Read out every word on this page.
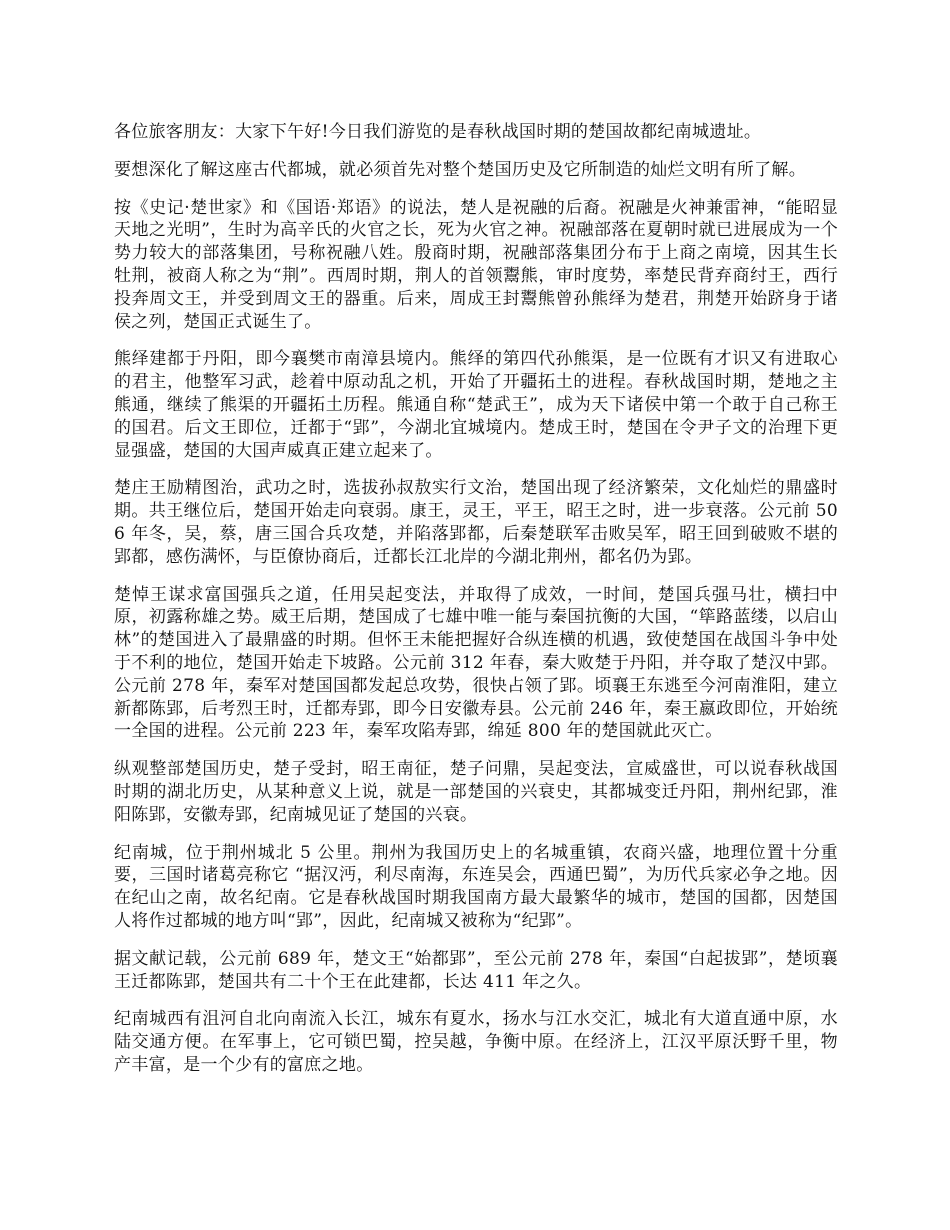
各位旅客朋友：大家下午好!今日我们游览的是春秋战国时期的楚国故都纪南城遗址。

要想深化了解这座古代都城，就必须首先对整个楚国历史及它所制造的灿烂文明有所了解。

按《史记·楚世家》和《国语·郑语》的说法，楚人是祝融的后裔。祝融是火神兼雷神，“能昭显天地之光明”，生时为高辛氏的火官之长，死为火官之神。祝融部落在夏朝时就已进展成为一个势力较大的部落集团，号称祝融八姓。殷商时期，祝融部落集团分布于上商之南境，因其生长牡荆，被商人称之为“荆”。西周时期，荆人的首领鬻熊，审时度势，率楚民背弃商纣王，西行投奔周文王，并受到周文王的器重。后来，周成王封鬻熊曾孙熊绎为楚君，荆楚开始跻身于诸侯之列，楚国正式诞生了。

熊绎建都于丹阳，即今襄樊市南漳县境内。熊绎的第四代孙熊渠，是一位既有才识又有进取心的君主，他整军习武，趁着中原动乱之机，开始了开疆拓土的进程。春秋战国时期，楚地之主熊通，继续了熊渠的开疆拓土历程。熊通自称“楚武王”，成为天下诸侯中第一个敢于自己称王的国君。后文王即位，迁都于“郢”，今湖北宜城境内。楚成王时，楚国在令尹子文的治理下更显强盛，楚国的大国声威真正建立起来了。

楚庄王励精图治，武功之时，选拔孙叔敖实行文治，楚国出现了经济繁荣，文化灿烂的鼎盛时期。共王继位后，楚国开始走向衰弱。康王，灵王，平王，昭王之时，进一步衰落。公元前 506 年冬，吴，蔡，唐三国合兵攻楚，并陷落郢都，后秦楚联军击败吴军，昭王回到破败不堪的郢都，感伤满怀，与臣僚协商后，迁都长江北岸的今湖北荆州，都名仍为郢。

楚悼王谋求富国强兵之道，任用吴起变法，并取得了成效，一时间，楚国兵强马壮，横扫中原，初露称雄之势。威王后期，楚国成了七雄中唯一能与秦国抗衡的大国，“筚路蓝缕，以启山林”的楚国进入了最鼎盛的时期。但怀王未能把握好合纵连横的机遇，致使楚国在战国斗争中处于不利的地位，楚国开始走下坡路。公元前 312 年春，秦大败楚于丹阳，并夺取了楚汉中郢。公元前 278 年，秦军对楚国国都发起总攻势，很快占领了郢。顷襄王东逃至今河南淮阳，建立新都陈郢，后考烈王时，迁都寿郢，即今日安徽寿县。公元前 246 年，秦王嬴政即位，开始统一全国的进程。公元前 223 年，秦军攻陷寿郢，绵延 800 年的楚国就此灭亡。

纵观整部楚国历史，楚子受封，昭王南征，楚子问鼎，吴起变法，宣威盛世，可以说春秋战国时期的湖北历史，从某种意义上说，就是一部楚国的兴衰史，其都城变迁丹阳，荆州纪郢，淮阳陈郢，安徽寿郢，纪南城见证了楚国的兴衰。

纪南城，位于荆州城北 5 公里。荆州为我国历史上的名城重镇，农商兴盛，地理位置十分重要，三国时诸葛亮称它 “据汉沔，利尽南海，东连吴会，西通巴蜀”，为历代兵家必争之地。因在纪山之南，故名纪南。它是春秋战国时期我国南方最大最繁华的城市，楚国的国都，因楚国人将作过都城的地方叫“郢”，因此，纪南城又被称为“纪郢”。

据文献记载，公元前 689 年，楚文王“始都郢”，至公元前 278 年，秦国“白起拔郢”，楚顷襄王迁都陈郢，楚国共有二十个王在此建都，长达 411 年之久。

纪南城西有沮河自北向南流入长江，城东有夏水，扬水与江水交汇，城北有大道直通中原，水陆交通方便。在军事上，它可锁巴蜀，控吴越，争衡中原。在经济上，江汉平原沃野千里，物产丰富，是一个少有的富庶之地。
